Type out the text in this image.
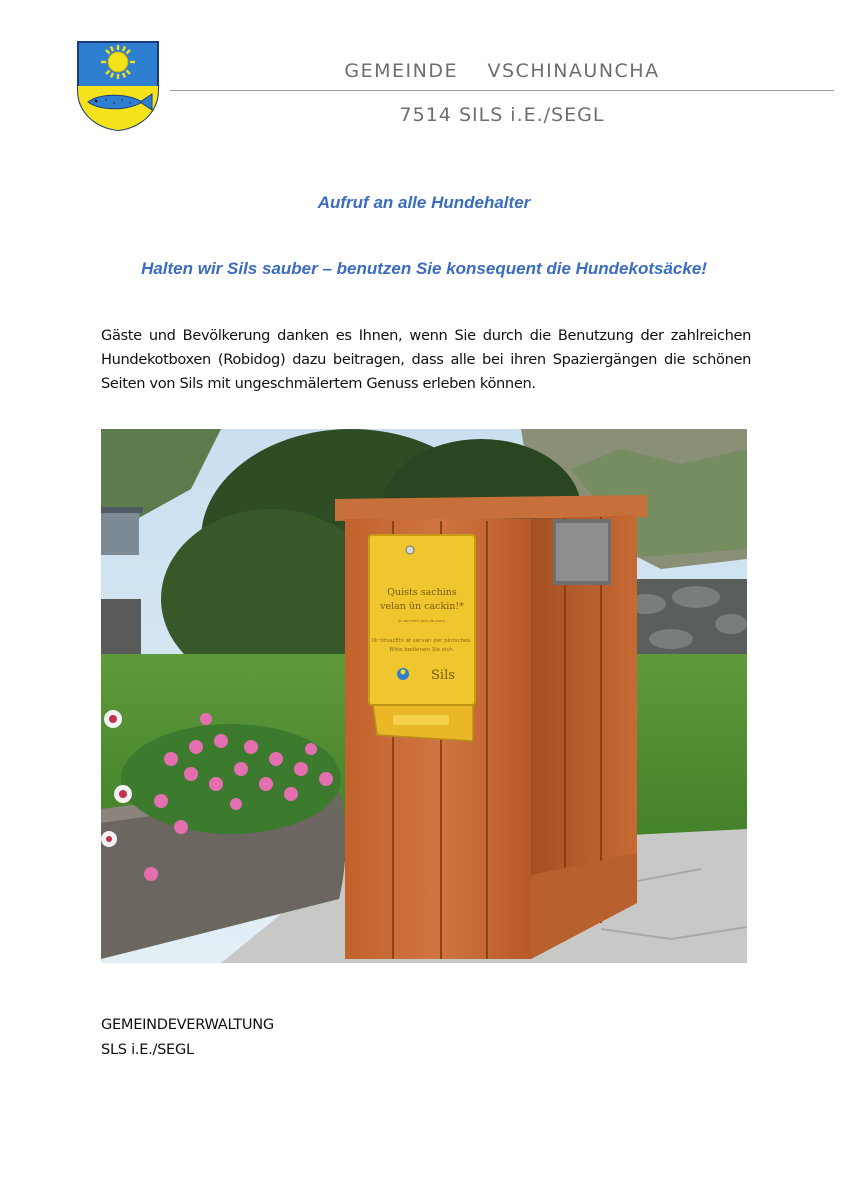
GEMEINDE VSCHINAUNCHA
7514 SILS i.E./SEGL
Aufruf an alle Hundehalter
Halten wir Sils sauber – benutzen Sie konsequent die Hundekotsäcke!
Gäste und Bevölkerung danken es Ihnen, wenn Sie durch die Benutzung der zahlreichen Hundekotboxen (Robidog) dazu beitragen, dass alle bei ihren Spaziergängen die schönen Seiten von Sils mit ungeschmälertem Genuss erleben können.
Quists sachins
velan ün cackin!*
Ils sacchetti sono da usare.
Or titsacEts at servan per plotsches.
Bitte bedienen Sie sich.
Sils
GEMEINDEVERWALTUNG
SLS i.E./SEGL
